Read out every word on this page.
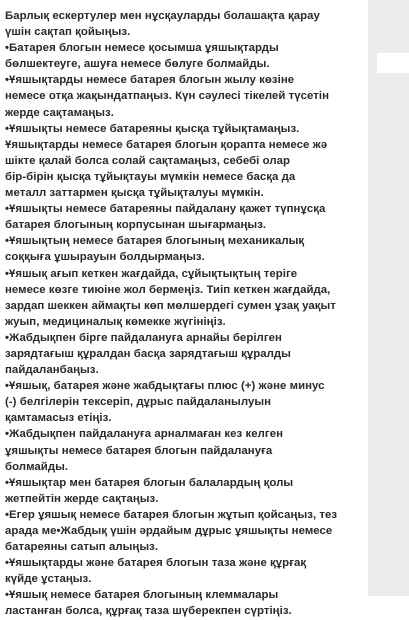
Барлық ескертулер мен нұсқауларды болашақта қарау
үшін сақтап қойыңыз.
•Батарея блогын немесе қосымша ұяшықтарды
бөлшектеуге, ашуға немесе бөлуге болмайды.
•Ұяшықтарды немесе батарея блогын жылу көзіне
немесе отқа жақындатпаңыз. Күн сәулесі тікелей түсетін
жерде сақтамаңыз.
•Ұяшықты немесе батареяны қысқа тұйықтамаңыз.
Ұяшықтарды немесе батарея блогын қорапта немесе жә
шікте қалай болса солай сақтамаңыз, себебі олар
бір-бірін қысқа тұйықтауы мүмкін немесе басқа да
металл заттармен қысқа тұйықталуы мүмкін.
•Ұяшықты немесе батареяны пайдалану қажет түпнұсқа
батарея блогының корпусынан шығармаңыз.
•Ұяшықтың немесе батарея блогының механикалық
соққыға ұшырауын болдырмаңыз.
•Ұяшық ағып кеткен жағдайда, сұйықтықтың теріге
немесе көзге тиюіне жол бермеңіз. Тиіп кеткен жағдайда,
зардап шеккен аймақты көп мөлшердегі сумен ұзақ уақыт
жуып, медициналық көмекке жүгініңіз.
•Жабдықпен бірге пайдалануға арнайы берілген
зарядтағыш құралдан басқа зарядтағыш құралды
пайдаланбаңыз.
•Ұяшық, батарея және жабдықтағы плюс (+) және минус
(-) белгілерін тексеріп, дұрыс пайдаланылуын
қамтамасыз етіңіз.
•Жабдықпен пайдалануға арналмаған кез келген
ұяшықты немесе батарея блогын пайдалануға
болмайды.
•Ұяшықтар мен батарея блогын балалардың қолы
жетпейтін жерде сақтаңыз.
•Егер ұяшық немесе батарея блогын жұтып қойсаңыз, тез
арада ме•Жабдық үшін әрдайым дұрыс ұяшықты немесе
батареяны сатып алыңыз.
•Ұяшықтарды және батарея блогын таза және құрғақ
күйде ұстаңыз.
•Ұяшық немесе батарея блогының клеммалары
ластанған болса, құрғақ таза шүберекпен сүртіңіз.
